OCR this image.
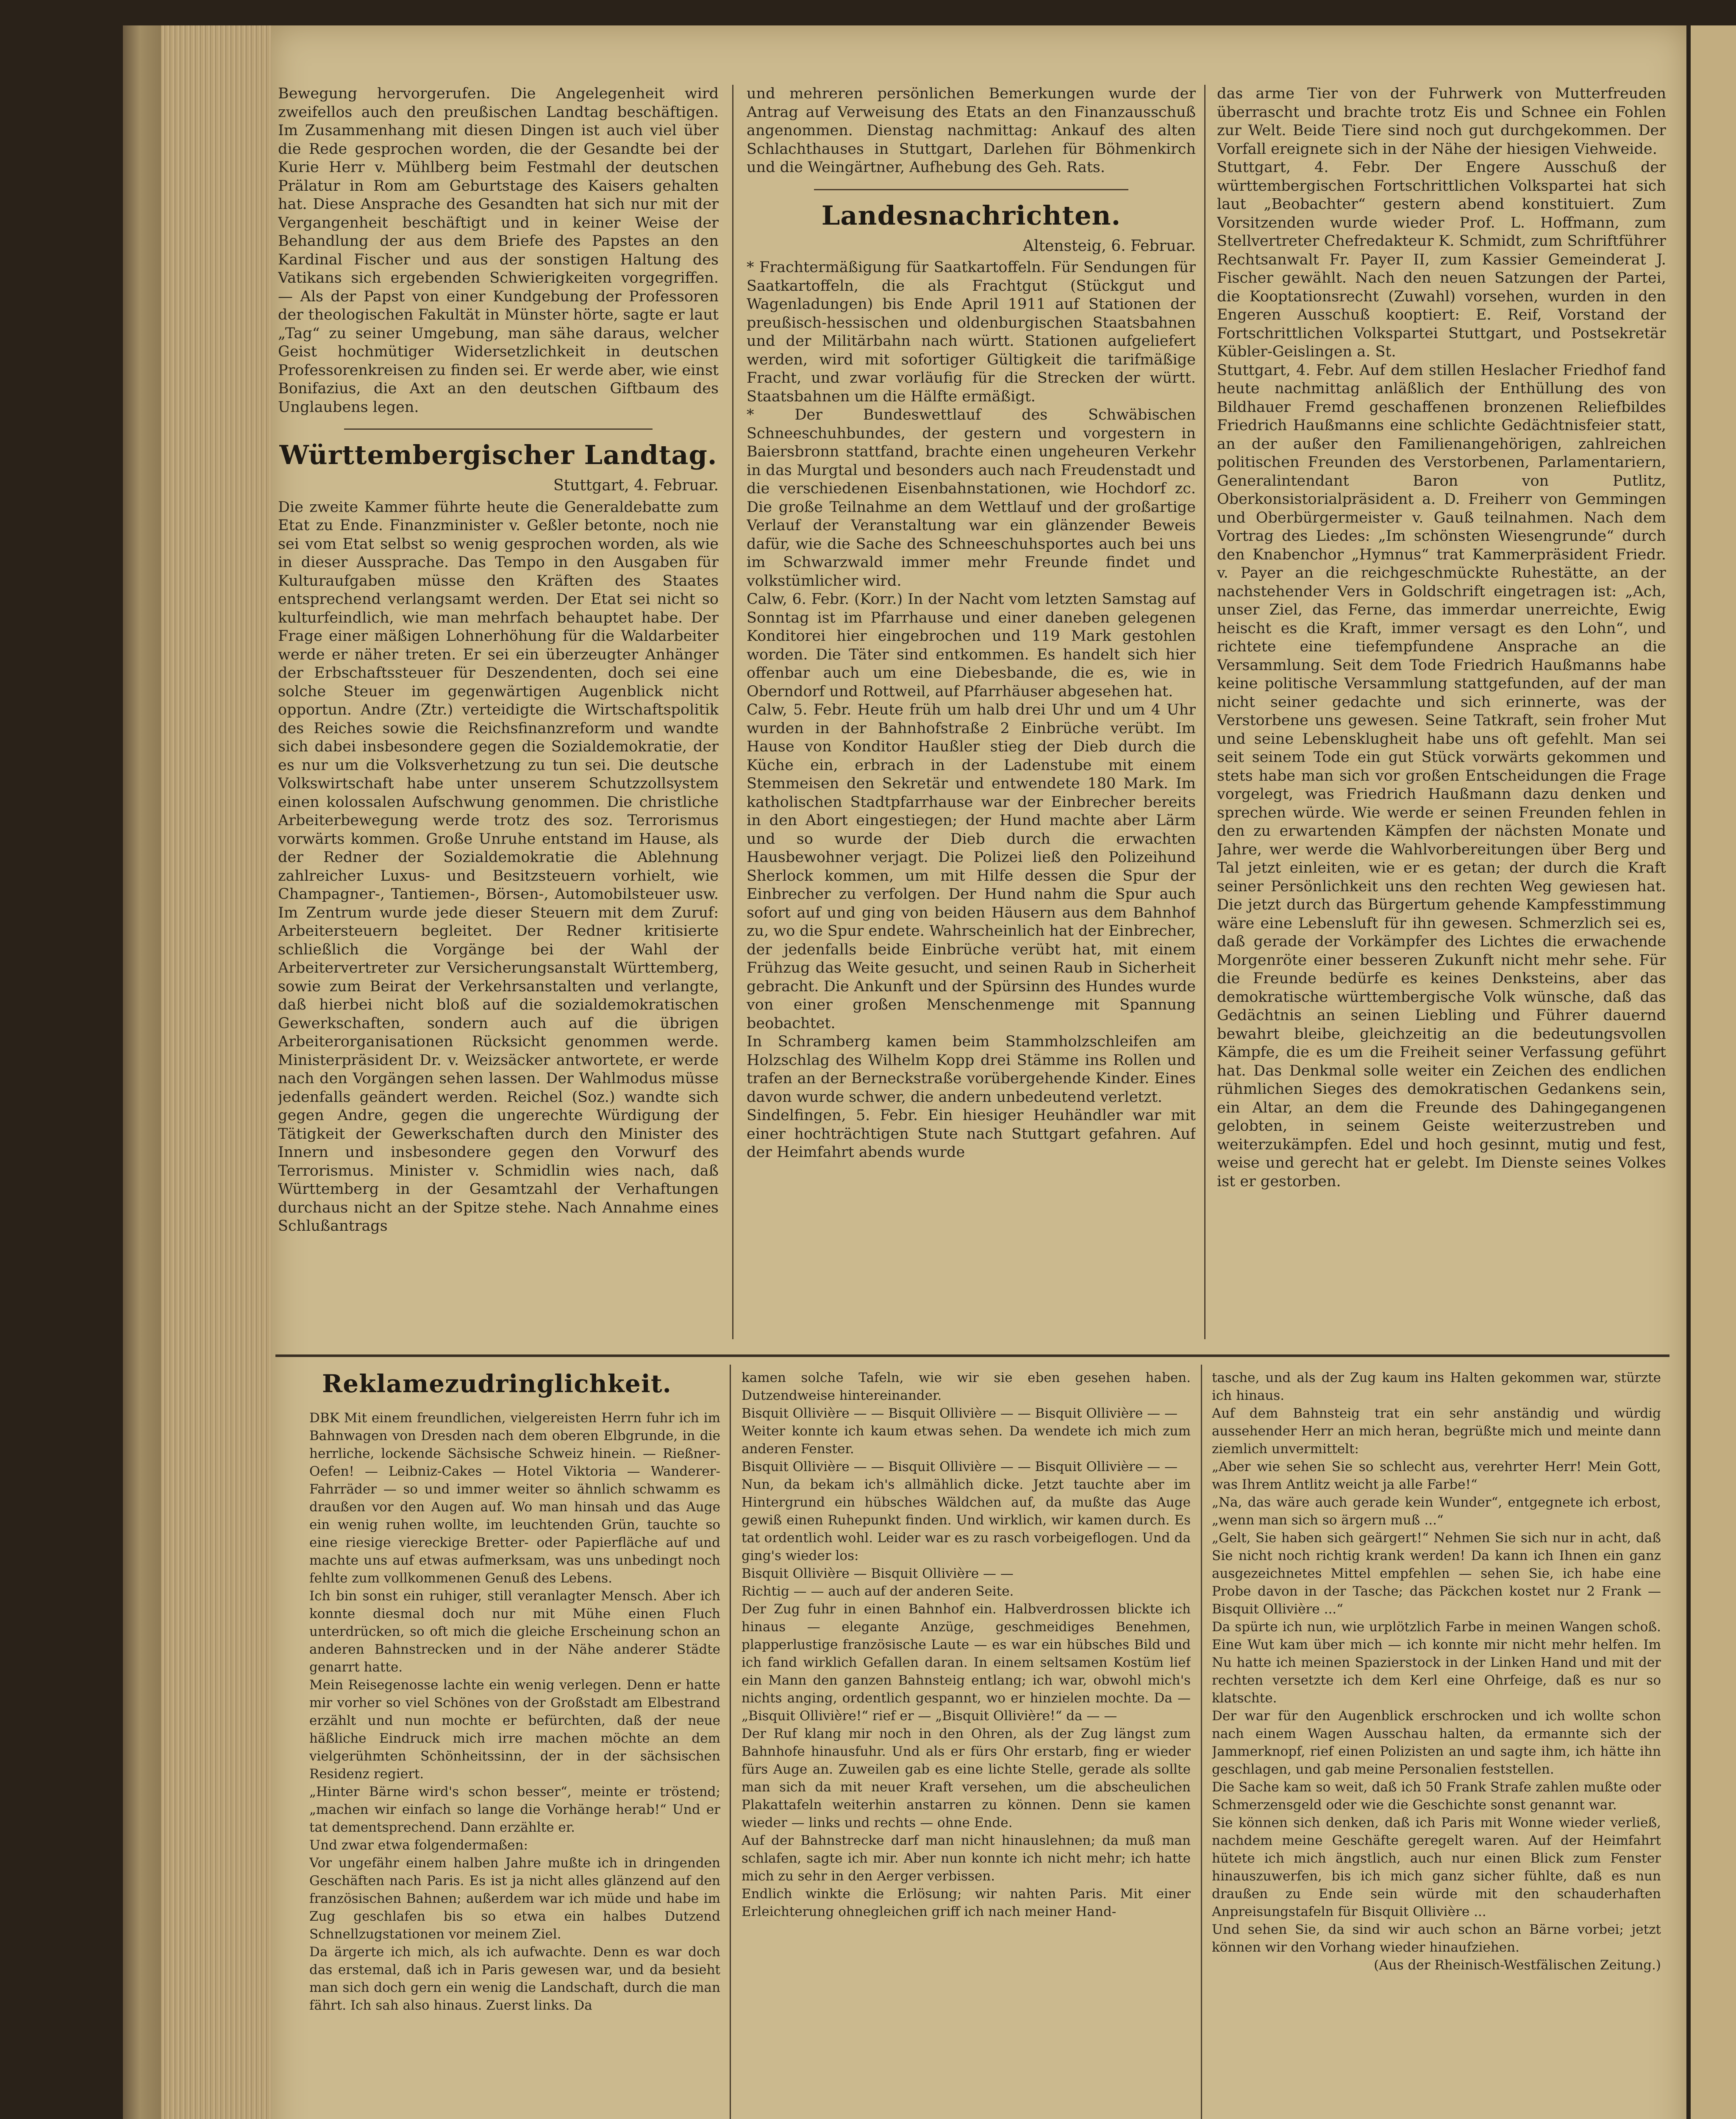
Bewegung hervorgerufen. Die Angelegenheit wird zweifellos auch den preußischen Landtag beschäftigen. Im Zusammenhang mit diesen Dingen ist auch viel über die Rede gesprochen worden, die der Gesandte bei der Kurie Herr v. Mühlberg beim Festmahl der deutschen Prälatur in Rom am Geburtstage des Kaisers gehalten hat. Diese Ansprache des Gesandten hat sich nur mit der Vergangenheit beschäftigt und in keiner Weise der Behandlung der aus dem Briefe des Papstes an den Kardinal Fischer und aus der sonstigen Haltung des Vatikans sich ergebenden Schwierigkeiten vorgegriffen. — Als der Papst von einer Kundgebung der Professoren der theologischen Fakultät in Münster hörte, sagte er laut „Tag“ zu seiner Umgebung, man sähe daraus, welcher Geist hochmütiger Widersetzlichkeit in deutschen Professorenkreisen zu finden sei. Er werde aber, wie einst Bonifazius, die Axt an den deutschen Giftbaum des Unglaubens legen.

Württembergischer Landtag.
Stuttgart, 4. Februar.

Die zweite Kammer führte heute die Generaldebatte zum Etat zu Ende. Finanzminister v. Geßler betonte, noch nie sei vom Etat selbst so wenig gesprochen worden, als wie in dieser Aussprache. Das Tempo in den Ausgaben für Kulturaufgaben müsse den Kräften des Staates entsprechend verlangsamt werden. Der Etat sei nicht so kulturfeindlich, wie man mehrfach behauptet habe. Der Frage einer mäßigen Lohnerhöhung für die Waldarbeiter werde er näher treten. Er sei ein überzeugter Anhänger der Erbschaftssteuer für Deszendenten, doch sei eine solche Steuer im gegenwärtigen Augenblick nicht opportun. Andre (Ztr.) verteidigte die Wirtschaftspolitik des Reiches sowie die Reichsfinanzreform und wandte sich dabei insbesondere gegen die Sozialdemokratie, der es nur um die Volksverhetzung zu tun sei. Die deutsche Volkswirtschaft habe unter unserem Schutzzollsystem einen kolossalen Aufschwung genommen. Die christliche Arbeiterbewegung werde trotz des soz. Terrorismus vorwärts kommen. Große Unruhe entstand im Hause, als der Redner der Sozialdemokratie die Ablehnung zahlreicher Luxus- und Besitzsteuern vorhielt, wie Champagner-, Tantiemen-, Börsen-, Automobilsteuer usw. Im Zentrum wurde jede dieser Steuern mit dem Zuruf: Arbeitersteuern begleitet. Der Redner kritisierte schließlich die Vorgänge bei der Wahl der Arbeitervertreter zur Versicherungsanstalt Württemberg, sowie zum Beirat der Verkehrsanstalten und verlangte, daß hierbei nicht bloß auf die sozialdemokratischen Gewerkschaften, sondern auch auf die übrigen Arbeiterorganisationen Rücksicht genommen werde. Ministerpräsident Dr. v. Weizsäcker antwortete, er werde nach den Vorgängen sehen lassen. Der Wahlmodus müsse jedenfalls geändert werden. Reichel (Soz.) wandte sich gegen Andre, gegen die ungerechte Würdigung der Tätigkeit der Gewerkschaften durch den Minister des Innern und insbesondere gegen den Vorwurf des Terrorismus. Minister v. Schmidlin wies nach, daß Württemberg in der Gesamtzahl der Verhaftungen durchaus nicht an der Spitze stehe. Nach Annahme eines Schlußantrags

und mehreren persönlichen Bemerkungen wurde der Antrag auf Verweisung des Etats an den Finanzausschuß angenommen. Dienstag nachmittag: Ankauf des alten Schlachthauses in Stuttgart, Darlehen für Böhmenkirch und die Weingärtner, Aufhebung des Geh. Rats.

Landesnachrichten.
Altensteig, 6. Februar.

* Frachtermäßigung für Saatkartoffeln. Für Sendungen für Saatkartoffeln, die als Frachtgut (Stückgut und Wagenladungen) bis Ende April 1911 auf Stationen der preußisch-hessischen und oldenburgischen Staatsbahnen und der Militärbahn nach württ. Stationen aufgeliefert werden, wird mit sofortiger Gültigkeit die tarifmäßige Fracht, und zwar vorläufig für die Strecken der württ. Staatsbahnen um die Hälfte ermäßigt.

* Der Bundeswettlauf des Schwäbischen Schneeschuhbundes, der gestern und vorgestern in Baiersbronn stattfand, brachte einen ungeheuren Verkehr in das Murgtal und besonders auch nach Freudenstadt und die verschiedenen Eisenbahnstationen, wie Hochdorf zc. Die große Teilnahme an dem Wettlauf und der großartige Verlauf der Veranstaltung war ein glänzender Beweis dafür, wie die Sache des Schneeschuhsportes auch bei uns im Schwarzwald immer mehr Freunde findet und volkstümlicher wird.

Calw, 6. Febr. (Korr.) In der Nacht vom letzten Samstag auf Sonntag ist im Pfarrhause und einer daneben gelegenen Konditorei hier eingebrochen und 119 Mark gestohlen worden. Die Täter sind entkommen. Es handelt sich hier offenbar auch um eine Diebesbande, die es, wie in Oberndorf und Rottweil, auf Pfarrhäuser abgesehen hat.

Calw, 5. Febr. Heute früh um halb drei Uhr und um 4 Uhr wurden in der Bahnhofstraße 2 Einbrüche verübt. Im Hause von Konditor Haußler stieg der Dieb durch die Küche ein, erbrach in der Ladenstube mit einem Stemmeisen den Sekretär und entwendete 180 Mark. Im katholischen Stadtpfarrhause war der Einbrecher bereits in den Abort eingestiegen; der Hund machte aber Lärm und so wurde der Dieb durch die erwachten Hausbewohner verjagt. Die Polizei ließ den Polizeihund Sherlock kommen, um mit Hilfe dessen die Spur der Einbrecher zu verfolgen. Der Hund nahm die Spur auch sofort auf und ging von beiden Häusern aus dem Bahnhof zu, wo die Spur endete. Wahrscheinlich hat der Einbrecher, der jedenfalls beide Einbrüche verübt hat, mit einem Frühzug das Weite gesucht, und seinen Raub in Sicherheit gebracht. Die Ankunft und der Spürsinn des Hundes wurde von einer großen Menschenmenge mit Spannung beobachtet.

In Schramberg kamen beim Stammholzschleifen am Holzschlag des Wilhelm Kopp drei Stämme ins Rollen und trafen an der Berneckstraße vorübergehende Kinder. Eines davon wurde schwer, die andern unbedeutend verletzt.

Sindelfingen, 5. Febr. Ein hiesiger Heuhändler war mit einer hochträchtigen Stute nach Stuttgart gefahren. Auf der Heimfahrt abends wurde

das arme Tier von der Fuhrwerk von Mutterfreuden überrascht und brachte trotz Eis und Schnee ein Fohlen zur Welt. Beide Tiere sind noch gut durchgekommen. Der Vorfall ereignete sich in der Nähe der hiesigen Viehweide.

Stuttgart, 4. Febr. Der Engere Ausschuß der württembergischen Fortschrittlichen Volkspartei hat sich laut „Beobachter“ gestern abend konstituiert. Zum Vorsitzenden wurde wieder Prof. L. Hoffmann, zum Stellvertreter Chefredakteur K. Schmidt, zum Schriftführer Rechtsanwalt Fr. Payer II, zum Kassier Gemeinderat J. Fischer gewählt. Nach den neuen Satzungen der Partei, die Kooptationsrecht (Zuwahl) vorsehen, wurden in den Engeren Ausschuß kooptiert: E. Reif, Vorstand der Fortschrittlichen Volkspartei Stuttgart, und Postsekretär Kübler-Geislingen a. St.

Stuttgart, 4. Febr. Auf dem stillen Heslacher Friedhof fand heute nachmittag anläßlich der Enthüllung des von Bildhauer Fremd geschaffenen bronzenen Reliefbildes Friedrich Haußmanns eine schlichte Gedächtnisfeier statt, an der außer den Familienangehörigen, zahlreichen politischen Freunden des Verstorbenen, Parlamentariern, Generalintendant Baron von Putlitz, Oberkonsistorialpräsident a. D. Freiherr von Gemmingen und Oberbürgermeister v. Gauß teilnahmen. Nach dem Vortrag des Liedes: „Im schönsten Wiesengrunde“ durch den Knabenchor „Hymnus“ trat Kammerpräsident Friedr. v. Payer an die reichgeschmückte Ruhestätte, an der nachstehender Vers in Goldschrift eingetragen ist: „Ach, unser Ziel, das Ferne, das immerdar unerreichte, Ewig heischt es die Kraft, immer versagt es den Lohn“, und richtete eine tiefempfundene Ansprache an die Versammlung. Seit dem Tode Friedrich Haußmanns habe keine politische Versammlung stattgefunden, auf der man nicht seiner gedachte und sich erinnerte, was der Verstorbene uns gewesen. Seine Tatkraft, sein froher Mut und seine Lebensklugheit habe uns oft gefehlt. Man sei seit seinem Tode ein gut Stück vorwärts gekommen und stets habe man sich vor großen Entscheidungen die Frage vorgelegt, was Friedrich Haußmann dazu denken und sprechen würde. Wie werde er seinen Freunden fehlen in den zu erwartenden Kämpfen der nächsten Monate und Jahre, wer werde die Wahlvorbereitungen über Berg und Tal jetzt einleiten, wie er es getan; der durch die Kraft seiner Persönlichkeit uns den rechten Weg gewiesen hat. Die jetzt durch das Bürgertum gehende Kampfesstimmung wäre eine Lebensluft für ihn gewesen. Schmerzlich sei es, daß gerade der Vorkämpfer des Lichtes die erwachende Morgenröte einer besseren Zukunft nicht mehr sehe. Für die Freunde bedürfe es keines Denksteins, aber das demokratische württembergische Volk wünsche, daß das Gedächtnis an seinen Liebling und Führer dauernd bewahrt bleibe, gleichzeitig an die bedeutungsvollen Kämpfe, die es um die Freiheit seiner Verfassung geführt hat. Das Denkmal solle weiter ein Zeichen des endlichen rühmlichen Sieges des demokratischen Gedankens sein, ein Altar, an dem die Freunde des Dahingegangenen gelobten, in seinem Geiste weiterzustreben und weiterzukämpfen. Edel und hoch gesinnt, mutig und fest, weise und gerecht hat er gelebt. Im Dienste seines Volkes ist er gestorben.

Reklamezudringlichkeit.

DBK Mit einem freundlichen, vielgereisten Herrn fuhr ich im Bahnwagen von Dresden nach dem oberen Elbgrunde, in die herrliche, lockende Sächsische Schweiz hinein. — Rießner-Oefen! — Leibniz-Cakes — Hotel Viktoria — Wanderer-Fahrräder — so und immer weiter so ähnlich schwamm es draußen vor den Augen auf. Wo man hinsah und das Auge ein wenig ruhen wollte, im leuchtenden Grün, tauchte so eine riesige viereckige Bretter- oder Papierfläche auf und machte uns auf etwas aufmerksam, was uns unbedingt noch fehlte zum vollkommenen Genuß des Lebens.

Ich bin sonst ein ruhiger, still veranlagter Mensch. Aber ich konnte diesmal doch nur mit Mühe einen Fluch unterdrücken, so oft mich die gleiche Erscheinung schon an anderen Bahnstrecken und in der Nähe anderer Städte genarrt hatte.

Mein Reisegenosse lachte ein wenig verlegen. Denn er hatte mir vorher so viel Schönes von der Großstadt am Elbestrand erzählt und nun mochte er befürchten, daß der neue häßliche Eindruck mich irre machen möchte an dem vielgerühmten Schönheitssinn, der in der sächsischen Residenz regiert.

„Hinter Bärne wird's schon besser“, meinte er tröstend; „machen wir einfach so lange die Vorhänge herab!“ Und er tat dementsprechend. Dann erzählte er.

Und zwar etwa folgendermaßen:

Vor ungefähr einem halben Jahre mußte ich in dringenden Geschäften nach Paris. Es ist ja nicht alles glänzend auf den französischen Bahnen; außerdem war ich müde und habe im Zug geschlafen bis so etwa ein halbes Dutzend Schnellzugstationen vor meinem Ziel.

Da ärgerte ich mich, als ich aufwachte. Denn es war doch das erstemal, daß ich in Paris gewesen war, und da besieht man sich doch gern ein wenig die Landschaft, durch die man fährt. Ich sah also hinaus. Zuerst links. Da

kamen solche Tafeln, wie wir sie eben gesehen haben. Dutzendweise hintereinander.

Bisquit Ollivière — — Bisquit Ollivière — — Bisquit Ollivière — —

Weiter konnte ich kaum etwas sehen. Da wendete ich mich zum anderen Fenster.

Bisquit Ollivière — — Bisquit Ollivière — — Bisquit Ollivière — —

Nun, da bekam ich's allmählich dicke. Jetzt tauchte aber im Hintergrund ein hübsches Wäldchen auf, da mußte das Auge gewiß einen Ruhepunkt finden. Und wirklich, wir kamen durch. Es tat ordentlich wohl. Leider war es zu rasch vorbeigeflogen. Und da ging's wieder los:

Bisquit Ollivière — Bisquit Ollivière — —

Richtig — — auch auf der anderen Seite.

Der Zug fuhr in einen Bahnhof ein. Halbverdrossen blickte ich hinaus — elegante Anzüge, geschmeidiges Benehmen, plapperlustige französische Laute — es war ein hübsches Bild und ich fand wirklich Gefallen daran. In einem seltsamen Kostüm lief ein Mann den ganzen Bahnsteig entlang; ich war, obwohl mich's nichts anging, ordentlich gespannt, wo er hinzielen mochte. Da — „Bisquit Ollivière!“ rief er — „Bisquit Ollivière!“ da — —

Der Ruf klang mir noch in den Ohren, als der Zug längst zum Bahnhofe hinausfuhr. Und als er fürs Ohr erstarb, fing er wieder fürs Auge an. Zuweilen gab es eine lichte Stelle, gerade als sollte man sich da mit neuer Kraft versehen, um die abscheulichen Plakattafeln weiterhin anstarren zu können. Denn sie kamen wieder — links und rechts — ohne Ende.

Auf der Bahnstrecke darf man nicht hinauslehnen; da muß man schlafen, sagte ich mir. Aber nun konnte ich nicht mehr; ich hatte mich zu sehr in den Aerger verbissen.

Endlich winkte die Erlösung; wir nahten Paris. Mit einer Erleichterung ohnegleichen griff ich nach meiner Hand-

tasche, und als der Zug kaum ins Halten gekommen war, stürzte ich hinaus.

Auf dem Bahnsteig trat ein sehr anständig und würdig aussehender Herr an mich heran, begrüßte mich und meinte dann ziemlich unvermittelt:

„Aber wie sehen Sie so schlecht aus, verehrter Herr! Mein Gott, was Ihrem Antlitz weicht ja alle Farbe!“

„Na, das wäre auch gerade kein Wunder“, entgegnete ich erbost, „wenn man sich so ärgern muß ...“

„Gelt, Sie haben sich geärgert!“ Nehmen Sie sich nur in acht, daß Sie nicht noch richtig krank werden! Da kann ich Ihnen ein ganz ausgezeichnetes Mittel empfehlen — sehen Sie, ich habe eine Probe davon in der Tasche; das Päckchen kostet nur 2 Frank — Bisquit Ollivière ...“

Da spürte ich nun, wie urplötzlich Farbe in meinen Wangen schoß. Eine Wut kam über mich — ich konnte mir nicht mehr helfen. Im Nu hatte ich meinen Spazierstock in der Linken Hand und mit der rechten versetzte ich dem Kerl eine Ohrfeige, daß es nur so klatschte.

Der war für den Augenblick erschrocken und ich wollte schon nach einem Wagen Ausschau halten, da ermannte sich der Jammerknopf, rief einen Polizisten an und sagte ihm, ich hätte ihn geschlagen, und gab meine Personalien feststellen.

Die Sache kam so weit, daß ich 50 Frank Strafe zahlen mußte oder Schmerzensgeld oder wie die Geschichte sonst genannt war.

Sie können sich denken, daß ich Paris mit Wonne wieder verließ, nachdem meine Geschäfte geregelt waren. Auf der Heimfahrt hütete ich mich ängstlich, auch nur einen Blick zum Fenster hinauszuwerfen, bis ich mich ganz sicher fühlte, daß es nun draußen zu Ende sein würde mit den schauderhaften Anpreisungstafeln für Bisquit Ollivière ...

Und sehen Sie, da sind wir auch schon an Bärne vorbei; jetzt können wir den Vorhang wieder hinaufziehen.

(Aus der Rheinisch-Westfälischen Zeitung.)
